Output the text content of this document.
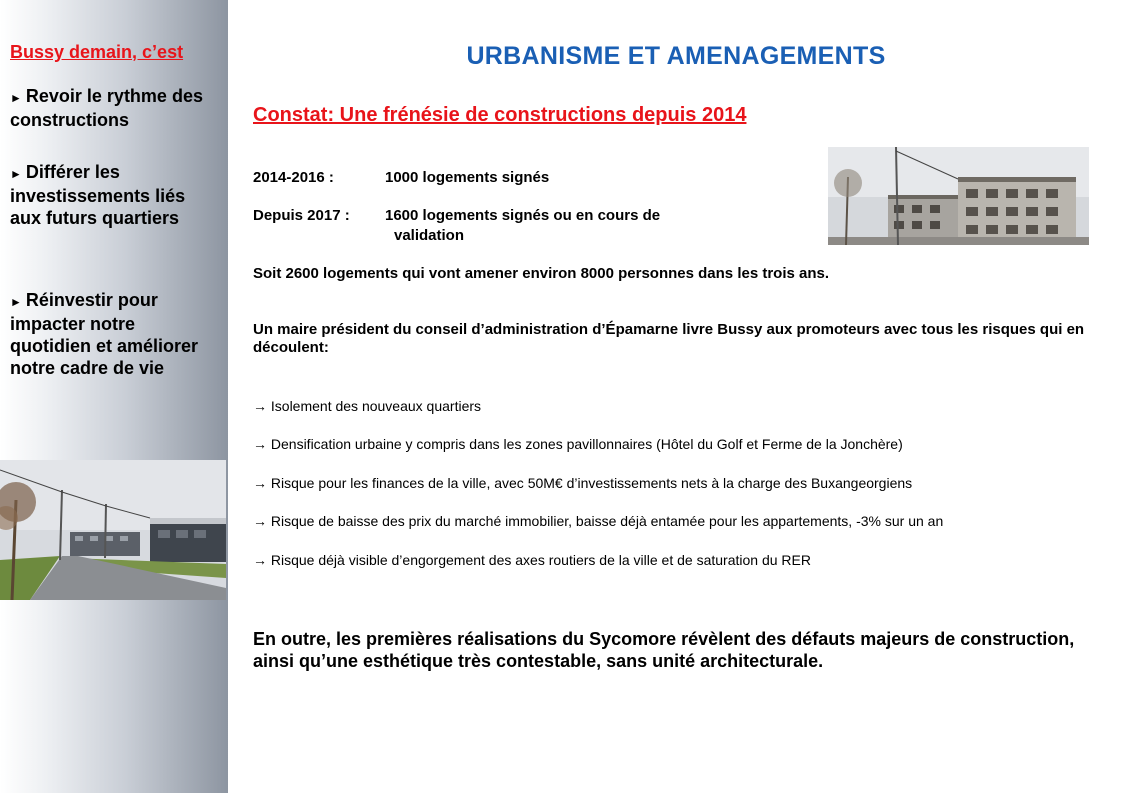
Bussy demain, c’est
► Revoir le rythme des constructions
► Différer les investissements liés aux futurs quartiers
► Réinvestir pour impacter notre quotidien et améliorer notre cadre de vie
URBANISME ET AMENAGEMENTS
Constat: Une frénésie de constructions depuis 2014
2014-2016 :	1000 logements signés
Depuis 2017 : 1600 logements signés ou en cours de
validation
Soit 2600 logements qui vont amener environ 8000 personnes dans les trois ans.
Un maire président du conseil d’administration d’Épamarne livre Bussy aux promoteurs avec tous les risques qui en découlent:
→ Isolement des nouveaux quartiers
→ Densification urbaine y compris dans les zones pavillonnaires (Hôtel du Golf et Ferme de la Jonchère)
→ Risque pour les finances de la ville, avec 50M€ d’investissements nets à la charge des Buxangeorgiens
→ Risque de baisse des prix du marché immobilier, baisse déjà entamée pour les appartements, -3% sur un an
→ Risque déjà visible d’engorgement des axes routiers de la ville et de saturation du RER
En outre, les premières réalisations du Sycomore révèlent des défauts majeurs de construction, ainsi qu’une esthétique très contestable, sans unité architecturale.
